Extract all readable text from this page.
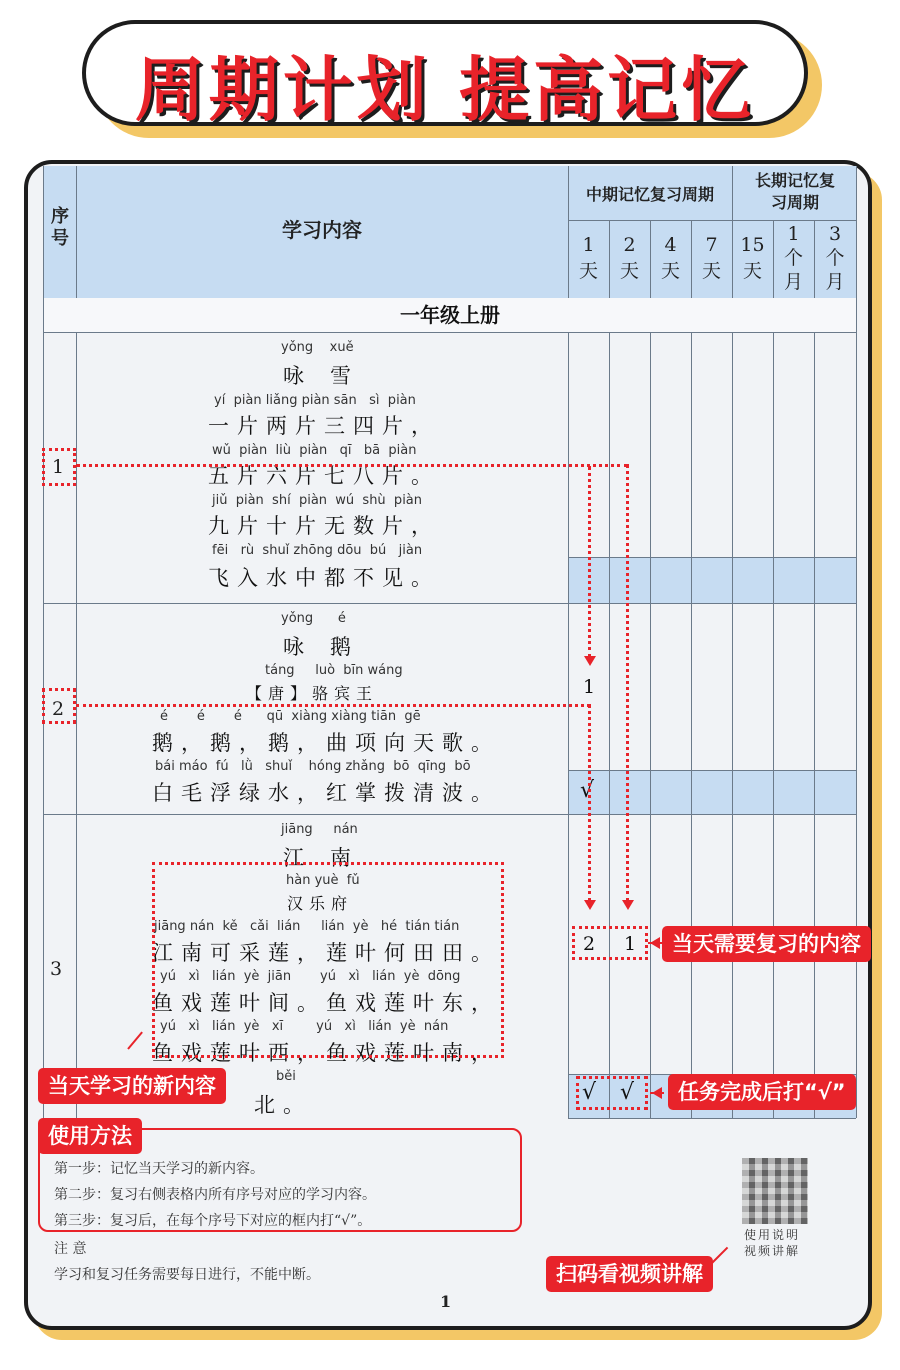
周期计划 提高记忆
序号	学习内容
中期记忆复习周期
长期记忆复习周期
1
天
2
天
4
天
7
天
15
天
1
个月
3
个月
一年级上册
1
yǒng    xuě
咏雪
yí  piàn liǎng piàn sān   sì  piàn
一片两片三四片，
wǔ  piàn  liù  piàn   qī   bā  piàn
五片六片七八片。
jiǔ  piàn  shí  piàn  wú  shù  piàn
九片十片无数片，
fēi   rù  shuǐ zhōng dōu  bú   jiàn
飞入水中都不见。
2
yǒng      é
咏鹅
táng     luò  bīn wáng
【唐】骆宾王
é       é       é      qū  xiàng xiàng tiān  gē
鹅，鹅，鹅，曲项向天歌。
bái máo  fú   lǜ   shuǐ    hóng zhǎng  bō  qīng  bō
白毛浮绿水，红掌拨清波。
1
√
3
jiāng     nán
江南
hàn yuè  fǔ
汉乐府
jiāng nán  kě   cǎi  lián     lián  yè   hé  tián tián
江南可采莲，莲叶何田田。
yú   xì   lián  yè  jiān       yú   xì   lián  yè  dōng
鱼戏莲叶间。鱼戏莲叶东，
yú   xì   lián  yè   xī        yú   xì   lián  yè  nán
鱼戏莲叶西，鱼戏莲叶南，
běi
北。
2 1
√ √
当天需要复习的内容
当天学习的新内容	任务完成后打“√”
使用方法
第一步：记忆当天学习的新内容。
第二步：复习右侧表格内所有序号对应的学习内容。
第三步：复习后，在每个序号下对应的框内打“√”。
注 意
学习和复习任务需要每日进行，不能中断。
使用说明
视频讲解
扫码看视频讲解
1
